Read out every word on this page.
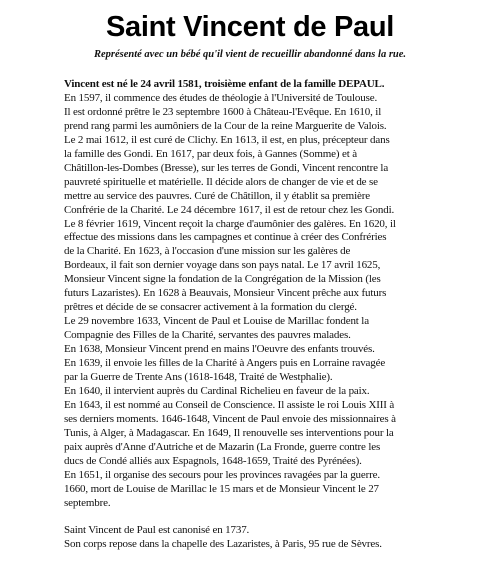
Saint Vincent de Paul
Représenté avec un bébé qu'il vient de recueillir abandonné dans la rue.
Vincent est né le 24 avril 1581, troisième enfant de la famille DEPAUL.
En 1597, il commence des études de théologie à l'Université de Toulouse.
Il est ordonné prêtre le 23 septembre 1600 à Château-l'Evêque. En 1610, il
prend rang parmi les aumôniers de la Cour de la reine Marguerite de Valois.
Le 2 mai 1612, il est curé de Clichy. En 1613, il est, en plus, précepteur dans
la famille des Gondi. En 1617, par deux fois, à Gannes (Somme) et à
Châtillon-les-Dombes (Bresse), sur les terres de Gondi, Vincent rencontre la
pauvreté spirituelle et matérielle. Il décide alors de changer de vie et de se
mettre au service des pauvres. Curé de Châtillon, il y établit sa première
Confrérie de la Charité. Le 24 décembre 1617, il est de retour chez les Gondi.
Le 8 février 1619, Vincent reçoit la charge d'aumônier des galères. En 1620, il
effectue des missions dans les campagnes et continue à créer des Confréries
de la Charité. En 1623, à l'occasion d'une mission sur les galères de
Bordeaux, il fait son dernier voyage dans son pays natal. Le 17 avril 1625,
Monsieur Vincent signe la fondation de la Congrégation de la Mission (les
futurs Lazaristes). En 1628 à Beauvais, Monsieur Vincent prêche aux futurs
prêtres et décide de se consacrer activement à la formation du clergé.
Le 29 novembre 1633, Vincent de Paul et Louise de Marillac fondent la
Compagnie des Filles de la Charité, servantes des pauvres malades.
En 1638, Monsieur Vincent prend en mains l'Oeuvre des enfants trouvés.
En 1639, il envoie les filles de la Charité à Angers puis en Lorraine ravagée
par la Guerre de Trente Ans (1618-1648, Traité de Westphalie).
En 1640, il intervient auprès du Cardinal Richelieu en faveur de la paix.
En 1643, il est nommé au Conseil de Conscience. Il assiste le roi Louis XIII à
ses derniers moments. 1646-1648, Vincent de Paul envoie des missionnaires à
Tunis, à Alger, à Madagascar. En 1649, Il renouvelle ses interventions pour la
paix auprès d'Anne d'Autriche et de Mazarin (La Fronde, guerre contre les
ducs de Condé alliés aux Espagnols, 1648-1659, Traité des Pyrénées).
En 1651, il organise des secours pour les provinces ravagées par la guerre.
1660, mort de Louise de Marillac le 15 mars et de Monsieur Vincent le 27
septembre.
Saint Vincent de Paul est canonisé en 1737.
Son corps repose dans la chapelle des Lazaristes, à Paris, 95 rue de Sèvres.
